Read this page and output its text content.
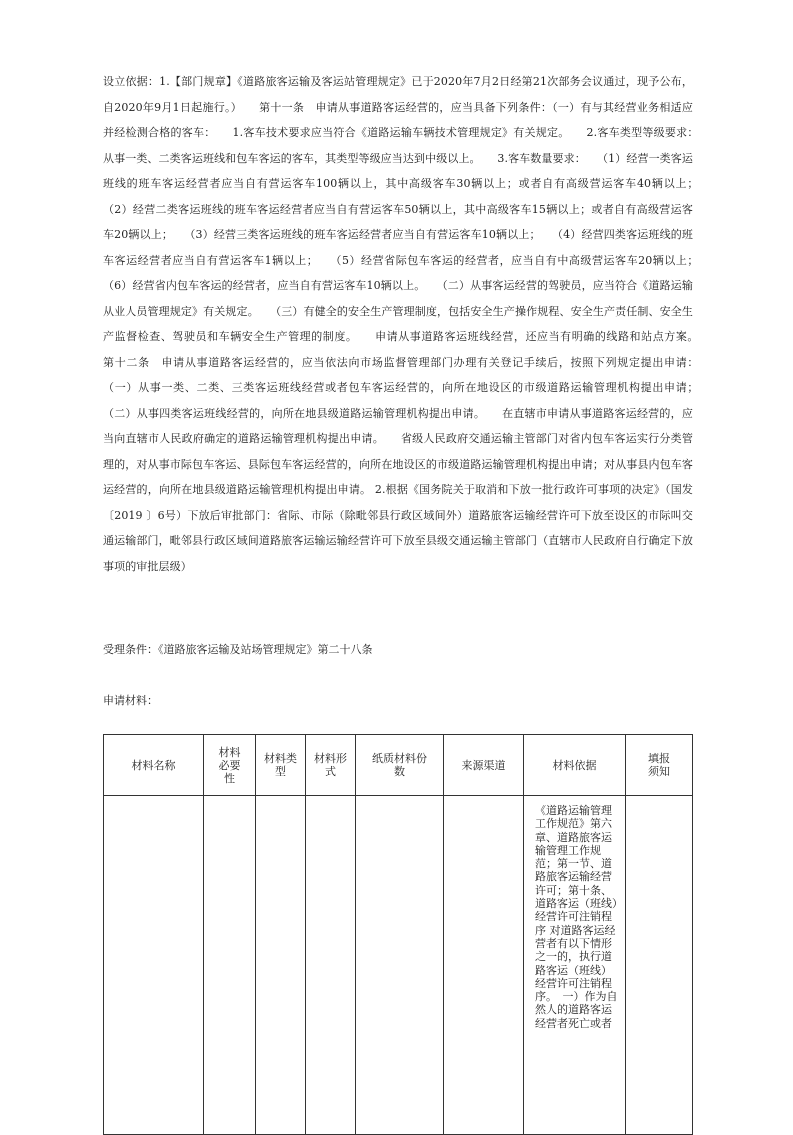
设立依据：1.【部门规章】《道路旅客运输及客运站管理规定》已于2020年7月2日经第21次部务会议通过，现予公布，自2020年9月1日起施行。）　　第十一条　申请从事道路客运经营的，应当具备下列条件：（一）有与其经营业务相适应并经检测合格的客车：　　1.客车技术要求应当符合《道路运输车辆技术管理规定》有关规定。　　2.客车类型等级要求：　　从事一类、二类客运班线和包车客运的客车，其类型等级应当达到中级以上。　　3.客车数量要求：　　（1）经营一类客运班线的班车客运经营者应当自有营运客车100辆以上，其中高级客车30辆以上；或者自有高级营运客车40辆以上；　　（2）经营二类客运班线的班车客运经营者应当自有营运客车50辆以上，其中高级客车15辆以上；或者自有高级营运客车20辆以上；　　（3）经营三类客运班线的班车客运经营者应当自有营运客车10辆以上；　　（4）经营四类客运班线的班车客运经营者应当自有营运客车1辆以上；　　（5）经营省际包车客运的经营者，应当自有中高级营运客车20辆以上；　　（6）经营省内包车客运的经营者，应当自有营运客车10辆以上。　　（二）从事客运经营的驾驶员，应当符合《道路运输从业人员管理规定》有关规定。　　（三）有健全的安全生产管理制度，包括安全生产操作规程、安全生产责任制、安全生产监督检查、驾驶员和车辆安全生产管理的制度。　　申请从事道路客运班线经营，还应当有明确的线路和站点方案。　　第十二条　申请从事道路客运经营的，应当依法向市场监督管理部门办理有关登记手续后，按照下列规定提出申请：　　（一）从事一类、二类、三类客运班线经营或者包车客运经营的，向所在地设区的市级道路运输管理机构提出申请；　　（二）从事四类客运班线经营的，向所在地县级道路运输管理机构提出申请。　　在直辖市申请从事道路客运经营的，应当向直辖市人民政府确定的道路运输管理机构提出申请。　　省级人民政府交通运输主管部门对省内包车客运实行分类管理的，对从事市际包车客运、县际包车客运经营的，向所在地设区的市级道路运输管理机构提出申请；对从事县内包车客运经营的，向所在地县级道路运输管理机构提出申请。 2.根据《国务院关于取消和下放一批行政许可事项的决定》（国发〔2019 〕6号）下放后审批部门：省际、市际（除毗邻县行政区域间外）道路旅客运输经营许可下放至设区的市际叫交通运输部门，毗邻县行政区域间道路旅客运输运输经营许可下放至县级交通运输主管部门（直辖市人民政府自行确定下放事项的审批层级）
受理条件：《道路旅客运输及站场管理规定》第二十八条
申请材料：
材料名称	材料必要性	材料类型	材料形式	纸质材料份数	来源渠道	材料依据	填报须知
						《道路运输管理工作规范》第六章、道路旅客运输管理工作规范；第一节、道路旅客运输经营许可；第十条、道路客运（班线）经营许可注销程序 对道路客运经营者有以下情形之一的，执行道路客运（班线）经营许可注销程序。　一）作为自然人的道路客运经营者死亡或者	
